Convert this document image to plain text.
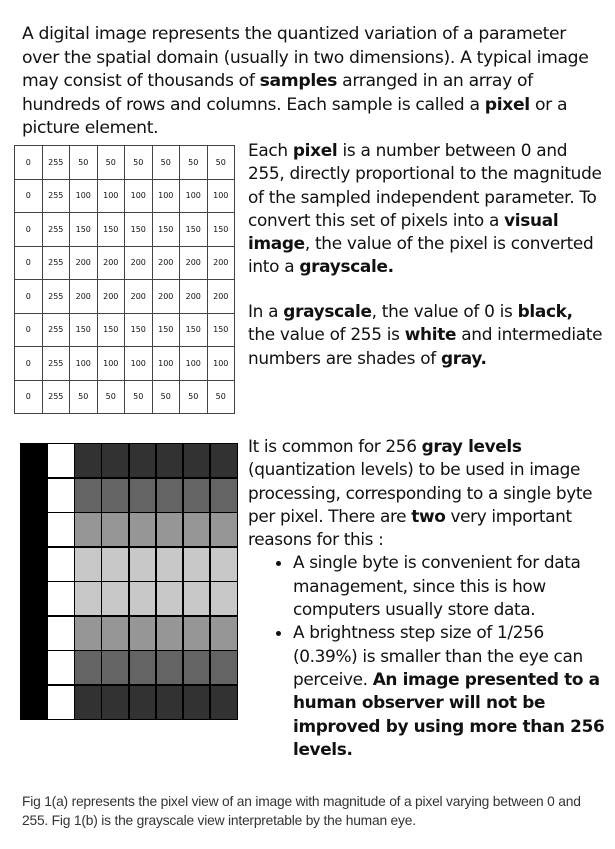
A digital image represents the quantized variation of a parameter over the spatial domain (usually in two dimensions). A typical image may consist of thousands of samples arranged in an array of hundreds of rows and columns. Each sample is called a pixel or a picture element.
0	255	50	50	50	50	50	50
0	255	100	100	100	100	100	100
0	255	150	150	150	150	150	150
0	255	200	200	200	200	200	200
0	255	200	200	200	200	200	200
0	255	150	150	150	150	150	150
0	255	100	100	100	100	100	100
0	255	50	50	50	50	50	50
Each pixel is a number between 0 and 255, directly proportional to the magnitude of the sampled independent parameter. To convert this set of pixels into a visual image, the value of the pixel is converted into a grayscale.
In a grayscale, the value of 0 is black, the value of 255 is white and intermediate numbers are shades of gray.
It is common for 256 gray levels (quantization levels) to be used in image processing, corresponding to a single byte per pixel. There are two very important reasons for this :
• A single byte is convenient for data management, since this is how computers usually store data.
• A brightness step size of 1/256 (0.39%) is smaller than the eye can perceive. An image presented to a human observer will not be improved by using more than 256 levels.
Fig 1(a) represents the pixel view of an image with magnitude of a pixel varying between 0 and 255. Fig 1(b) is the grayscale view interpretable by the human eye.
